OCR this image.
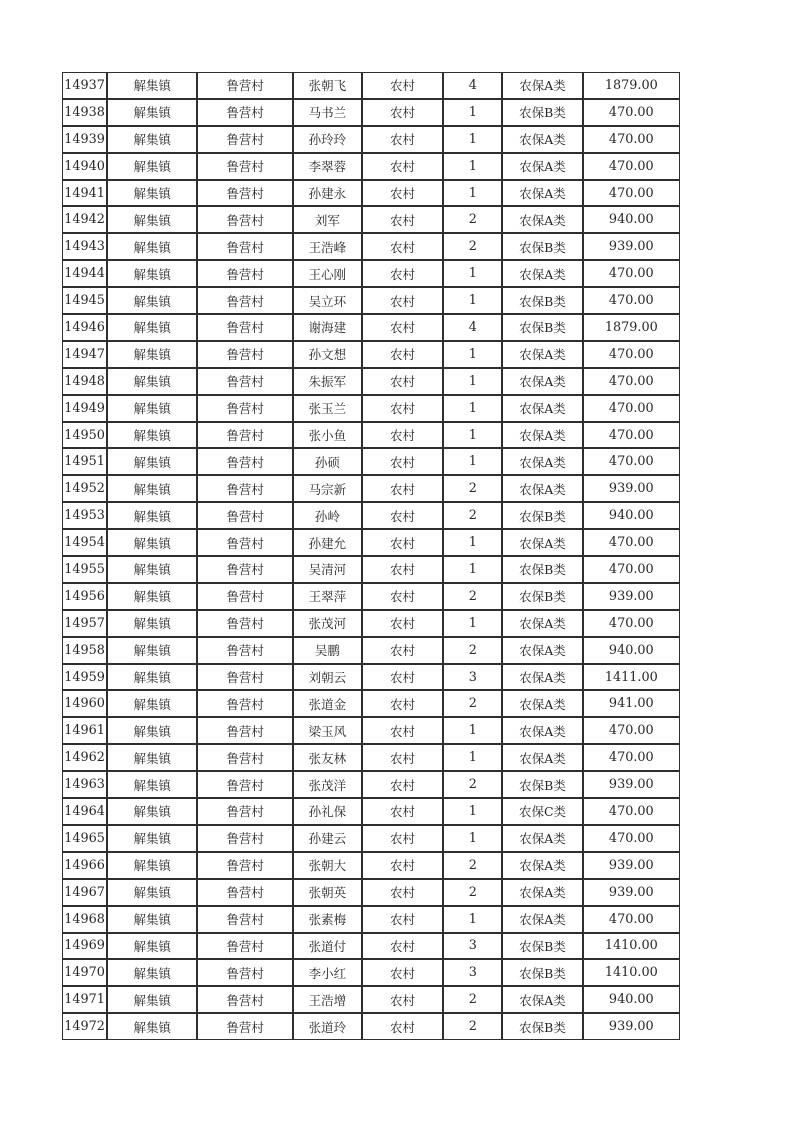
14937	解集镇	鲁营村	张朝飞	农村	4	农保A类	1879.00
14938	解集镇	鲁营村	马书兰	农村	1	农保B类	470.00
14939	解集镇	鲁营村	孙玲玲	农村	1	农保A类	470.00
14940	解集镇	鲁营村	李翠蓉	农村	1	农保A类	470.00
14941	解集镇	鲁营村	孙建永	农村	1	农保A类	470.00
14942	解集镇	鲁营村	刘军	农村	2	农保A类	940.00
14943	解集镇	鲁营村	王浩峰	农村	2	农保B类	939.00
14944	解集镇	鲁营村	王心刚	农村	1	农保A类	470.00
14945	解集镇	鲁营村	吴立环	农村	1	农保B类	470.00
14946	解集镇	鲁营村	谢海建	农村	4	农保B类	1879.00
14947	解集镇	鲁营村	孙文想	农村	1	农保A类	470.00
14948	解集镇	鲁营村	朱振军	农村	1	农保A类	470.00
14949	解集镇	鲁营村	张玉兰	农村	1	农保A类	470.00
14950	解集镇	鲁营村	张小鱼	农村	1	农保A类	470.00
14951	解集镇	鲁营村	孙硕	农村	1	农保A类	470.00
14952	解集镇	鲁营村	马宗新	农村	2	农保A类	939.00
14953	解集镇	鲁营村	孙岭	农村	2	农保B类	940.00
14954	解集镇	鲁营村	孙建允	农村	1	农保A类	470.00
14955	解集镇	鲁营村	吴清河	农村	1	农保B类	470.00
14956	解集镇	鲁营村	王翠萍	农村	2	农保B类	939.00
14957	解集镇	鲁营村	张茂河	农村	1	农保A类	470.00
14958	解集镇	鲁营村	吴鹏	农村	2	农保A类	940.00
14959	解集镇	鲁营村	刘朝云	农村	3	农保A类	1411.00
14960	解集镇	鲁营村	张道金	农村	2	农保A类	941.00
14961	解集镇	鲁营村	梁玉风	农村	1	农保A类	470.00
14962	解集镇	鲁营村	张友林	农村	1	农保A类	470.00
14963	解集镇	鲁营村	张茂洋	农村	2	农保B类	939.00
14964	解集镇	鲁营村	孙礼保	农村	1	农保C类	470.00
14965	解集镇	鲁营村	孙建云	农村	1	农保A类	470.00
14966	解集镇	鲁营村	张朝大	农村	2	农保A类	939.00
14967	解集镇	鲁营村	张朝英	农村	2	农保A类	939.00
14968	解集镇	鲁营村	张素梅	农村	1	农保A类	470.00
14969	解集镇	鲁营村	张道付	农村	3	农保B类	1410.00
14970	解集镇	鲁营村	李小红	农村	3	农保B类	1410.00
14971	解集镇	鲁营村	王浩增	农村	2	农保A类	940.00
14972	解集镇	鲁营村	张道玲	农村	2	农保B类	939.00
